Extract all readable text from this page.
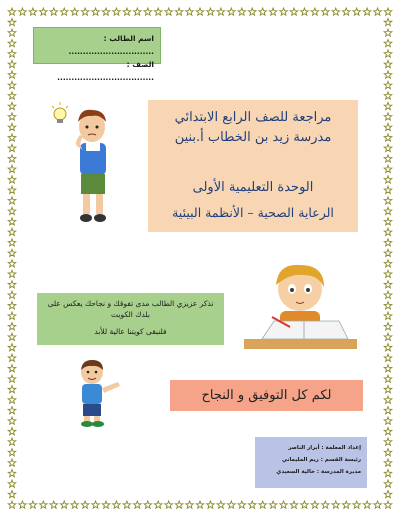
اسم الطالب : ..............................
الصف : ..................................
مراجعة للصف الرابع الابتدائي
مدرسة زيد بن الخطاب أ.بنين
الوحدة التعليمية الأولى
الرعاية الصحية – الأنظمة البيئية
تذكر عزيزي الطالب مدى تفوقك و نجاحك يعكس على بلدك الكويت
فلنبقى كويتنا عالية للأبد
لكم كل التوفيق و النجاح
إعداد المعلمة : أبرار الناصر
رئيسة القسم : ريم المليماني
مديرة المدرسة : خالية السعيدي
